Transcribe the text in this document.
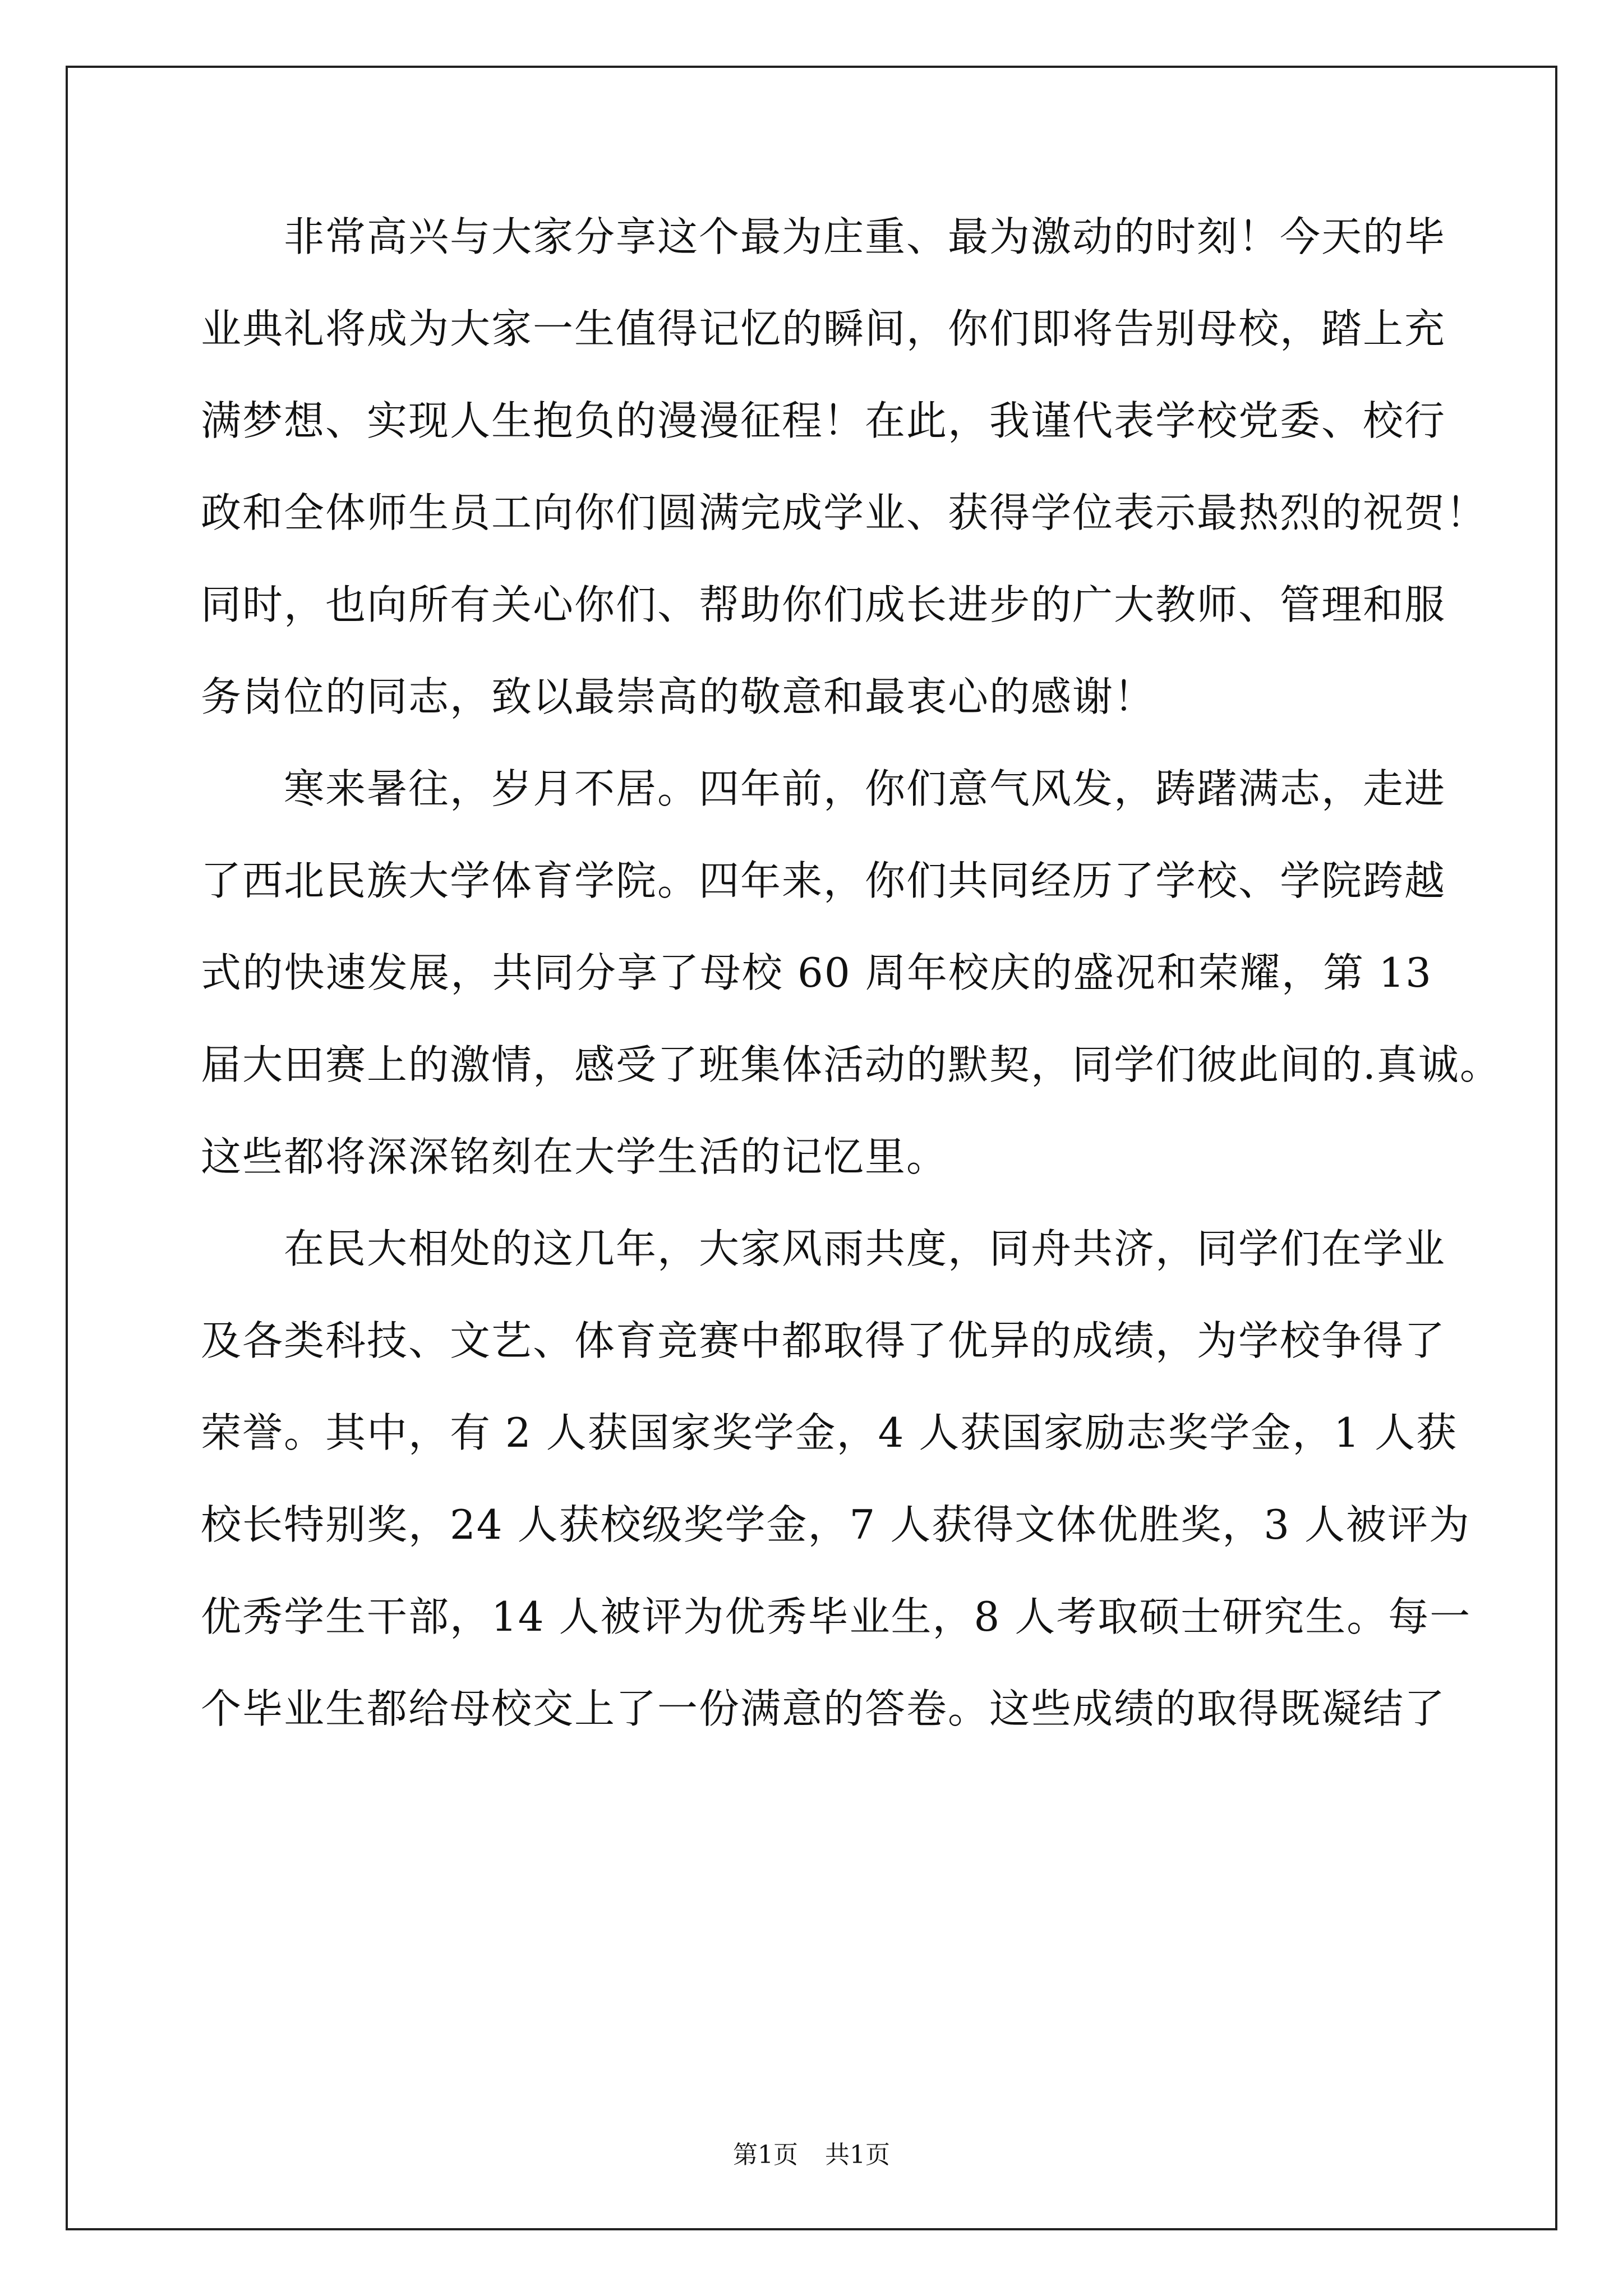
非常高兴与大家分享这个最为庄重、最为激动的时刻！今天的毕
业典礼将成为大家一生值得记忆的瞬间，你们即将告别母校，踏上充
满梦想、实现人生抱负的漫漫征程！在此，我谨代表学校党委、校行
政和全体师生员工向你们圆满完成学业、获得学位表示最热烈的祝贺！
同时，也向所有关心你们、帮助你们成长进步的广大教师、管理和服
务岗位的同志，致以最崇高的敬意和最衷心的感谢！
寒来暑往，岁月不居。四年前，你们意气风发，踌躇满志，走进
了西北民族大学体育学院。四年来，你们共同经历了学校、学院跨越
式的快速发展，共同分享了母校 60 周年校庆的盛况和荣耀，第 13
届大田赛上的激情，感受了班集体活动的默契，同学们彼此间的.真诚。
这些都将深深铭刻在大学生活的记忆里。
在民大相处的这几年，大家风雨共度，同舟共济，同学们在学业
及各类科技、文艺、体育竞赛中都取得了优异的成绩，为学校争得了
荣誉。其中，有 2 人获国家奖学金，4 人获国家励志奖学金，1 人获
校长特别奖，24 人获校级奖学金，7 人获得文体优胜奖，3 人被评为
优秀学生干部，14 人被评为优秀毕业生，8 人考取硕士研究生。每一
个毕业生都给母校交上了一份满意的答卷。这些成绩的取得既凝结了
第1页 共1页
